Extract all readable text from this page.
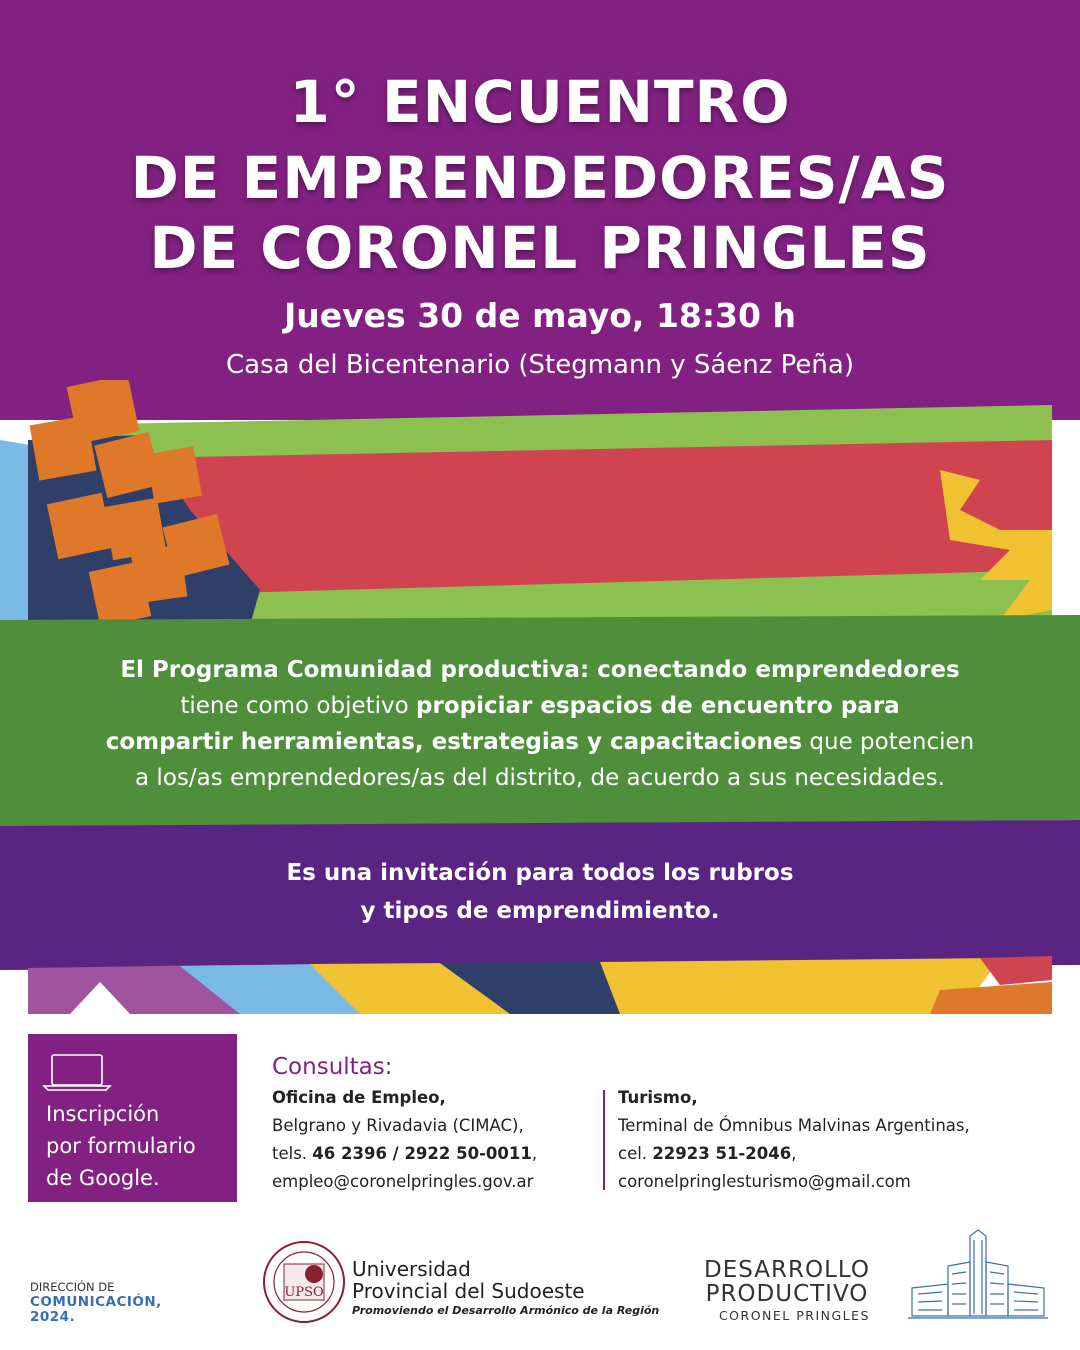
1° ENCUENTRO
DE EMPRENDEDORES/AS
DE CORONEL PRINGLES
Jueves 30 de mayo, 18:30 h
Casa del Bicentenario (Stegmann y Sáenz Peña)
El Programa Comunidad productiva: conectando emprendedores
tiene como objetivo propiciar espacios de encuentro para
compartir herramientas, estrategias y capacitaciones que potencien
a los/as emprendedores/as del distrito, de acuerdo a sus necesidades.
Es una invitación para todos los rubros
y tipos de emprendimiento.
Inscripción
por formulario
de Google.
Consultas:
Oficina de Empleo,
Belgrano y Rivadavia (CIMAC),
tels. 46 2396 / 2922 50-0011,
empleo@coronelpringles.gov.ar
Turismo,
Terminal de Ómnibus Malvinas Argentinas,
cel. 22923 51-2046,
coronelpringlesturismo@gmail.com
DIRECCIÓN DE
COMUNICACIÓN,
2024.
UPSO
Universidad
Provincial del Sudoeste
Promoviendo el Desarrollo Armónico de la Región
DESARROLLO
PRODUCTIVO
CORONEL PRINGLES
